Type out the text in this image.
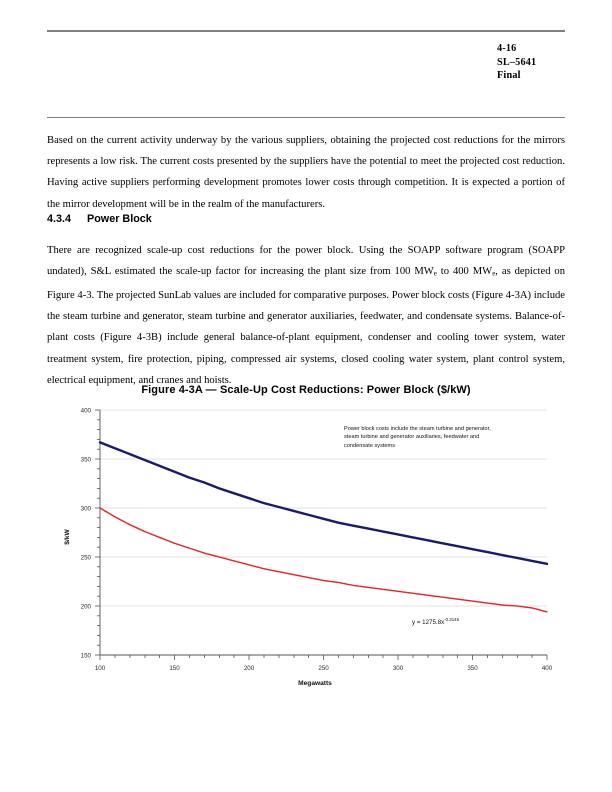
4-16
SL–5641
Final

Based on the current activity underway by the various suppliers, obtaining the projected cost reductions for the mirrors represents a low risk. The current costs presented by the suppliers have the potential to meet the projected cost reduction. Having active suppliers performing development promotes lower costs through competition. It is expected a portion of the mirror development will be in the realm of the manufacturers.

4.3.4 Power Block

There are recognized scale-up cost reductions for the power block. Using the SOAPP software program (SOAPP undated), S&L estimated the scale-up factor for increasing the plant size from 100 $MW_e$ to 400 $MW_e$, as depicted on Figure 4-3. The projected SunLab values are included for comparative purposes. Power block costs (Figure 4-3A) include the steam turbine and generator, steam turbine and generator auxiliaries, feedwater, and condensate systems. Balance-of-plant costs (Figure 4-3B) include general balance-of-plant equipment, condenser and cooling tower system, water treatment system, fire protection, piping, compressed air systems, closed cooling water system, plant control system, electrical equipment, and cranes and hoists.

Figure 4-3A — Scale-Up Cost Reductions: Power Block ($/kW)
400
350
300
250
200
150
100	150	200	250	300	350	400
Megawatts
$/kW
Power block costs include the steam turbine and generator,
steam turbine and generator auxiliaries, feedwater and
condensate systems
$y = 1275.8x^{-0.3145}$
